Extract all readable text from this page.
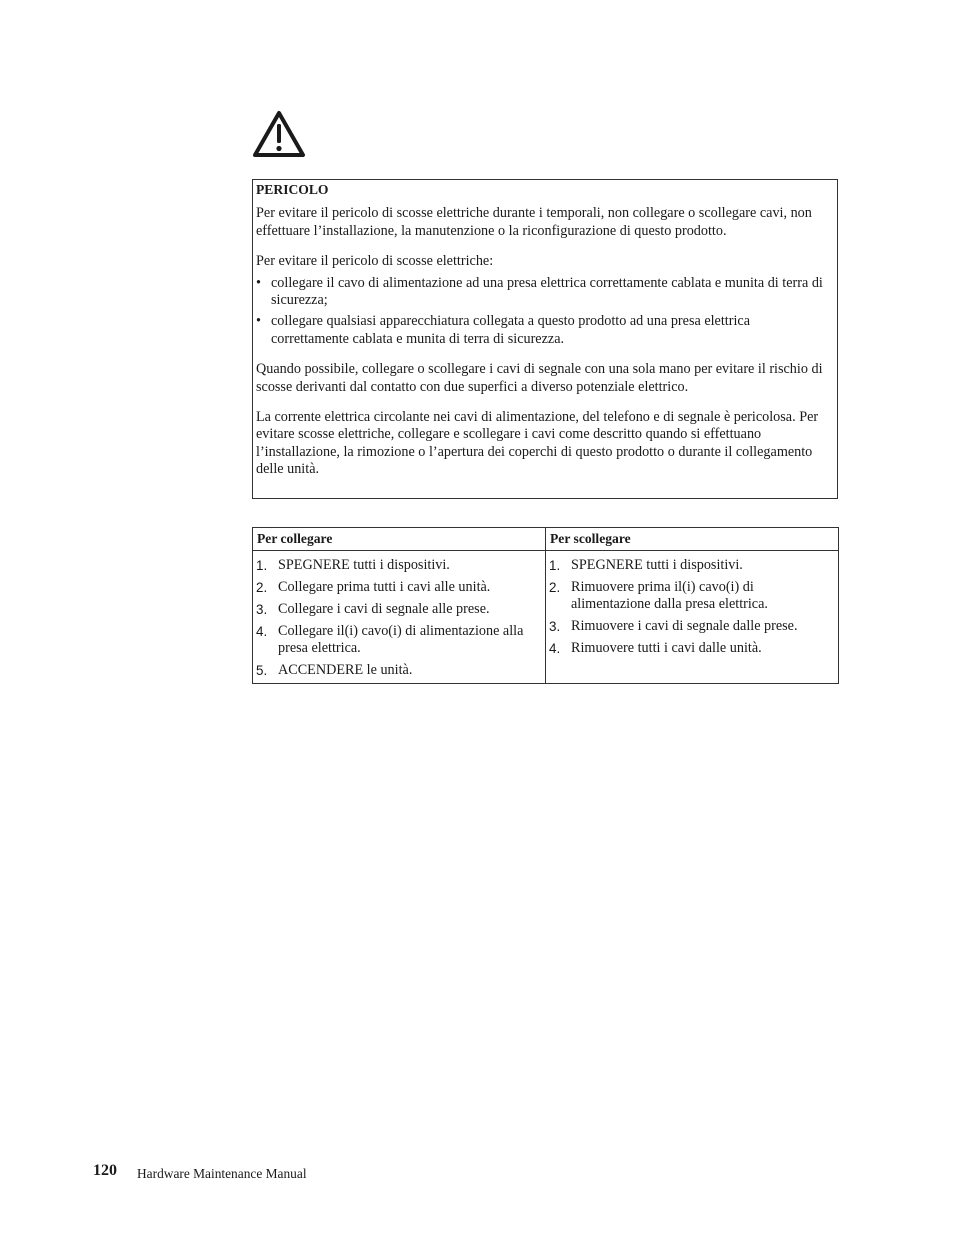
PERICOLO

Per evitare il pericolo di scosse elettriche durante i temporali, non collegare o scollegare cavi, non effettuare l’installazione, la manutenzione o la riconfigurazione di questo prodotto.

Per evitare il pericolo di scosse elettriche:

• collegare il cavo di alimentazione ad una presa elettrica correttamente cablata e munita di terra di sicurezza;
• collegare qualsiasi apparecchiatura collegata a questo prodotto ad una presa elettrica correttamente cablata e munita di terra di sicurezza.

Quando possibile, collegare o scollegare i cavi di segnale con una sola mano per evitare il rischio di scosse derivanti dal contatto con due superfici a diverso potenziale elettrico.

La corrente elettrica circolante nei cavi di alimentazione, del telefono e di segnale è pericolosa. Per evitare scosse elettriche, collegare e scollegare i cavi come descritto quando si effettuano l’installazione, la rimozione o l’apertura dei coperchi di questo prodotto o durante il collegamento delle unità.

Per collegare	Per scollegare
1. SPEGNERE tutti i dispositivi.
2. Collegare prima tutti i cavi alle unità.
3. Collegare i cavi di segnale alle prese.
4. Collegare il(i) cavo(i) di alimentazione alla presa elettrica.
5. ACCENDERE le unità.
1. SPEGNERE tutti i dispositivi.
2. Rimuovere prima il(i) cavo(i) di alimentazione dalla presa elettrica.
3. Rimuovere i cavi di segnale dalle prese.
4. Rimuovere tutti i cavi dalle unità.
120 Hardware Maintenance Manual
